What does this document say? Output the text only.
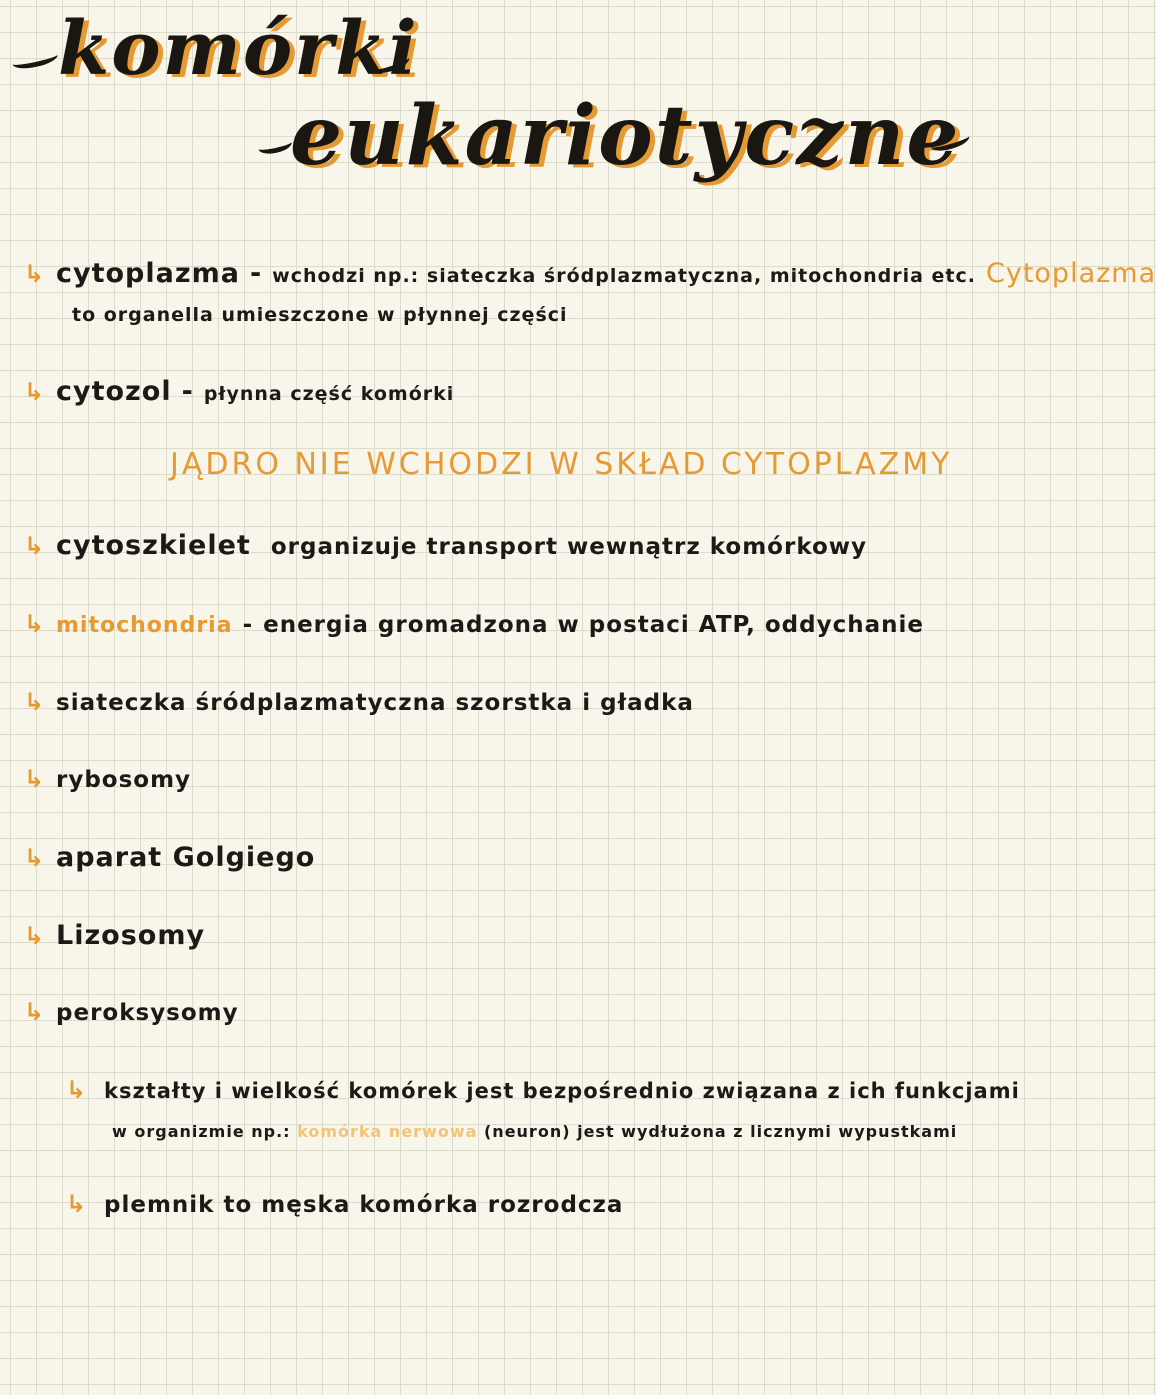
komórki
eukariotyczne
↳ cytoplazma - wchodzi np.: siateczka śródplazmatyczna, mitochondria etc. Cytoplazma
to organella umieszczone w płynnej części
↳ cytozol - płynna część komórki
JĄDRO NIE WCHODZI W SKŁAD CYTOPLAZMY
↳ cytoszkielet organizuje transport wewnątrz komórkowy
↳ mitochondria - energia gromadzona w postaci ATP, oddychanie
↳ siateczka śródplazmatyczna szorstka i gładka
↳ rybosomy
↳ aparat Golgiego
↳ Lizosomy
↳ peroksysomy
↳ kształty i wielkość komórek jest bezpośrednio związana z ich funkcjami
w organizmie np.: komórka nerwowa (neuron) jest wydłużona z licznymi wypustkami
↳ plemnik to męska komórka rozrodcza
